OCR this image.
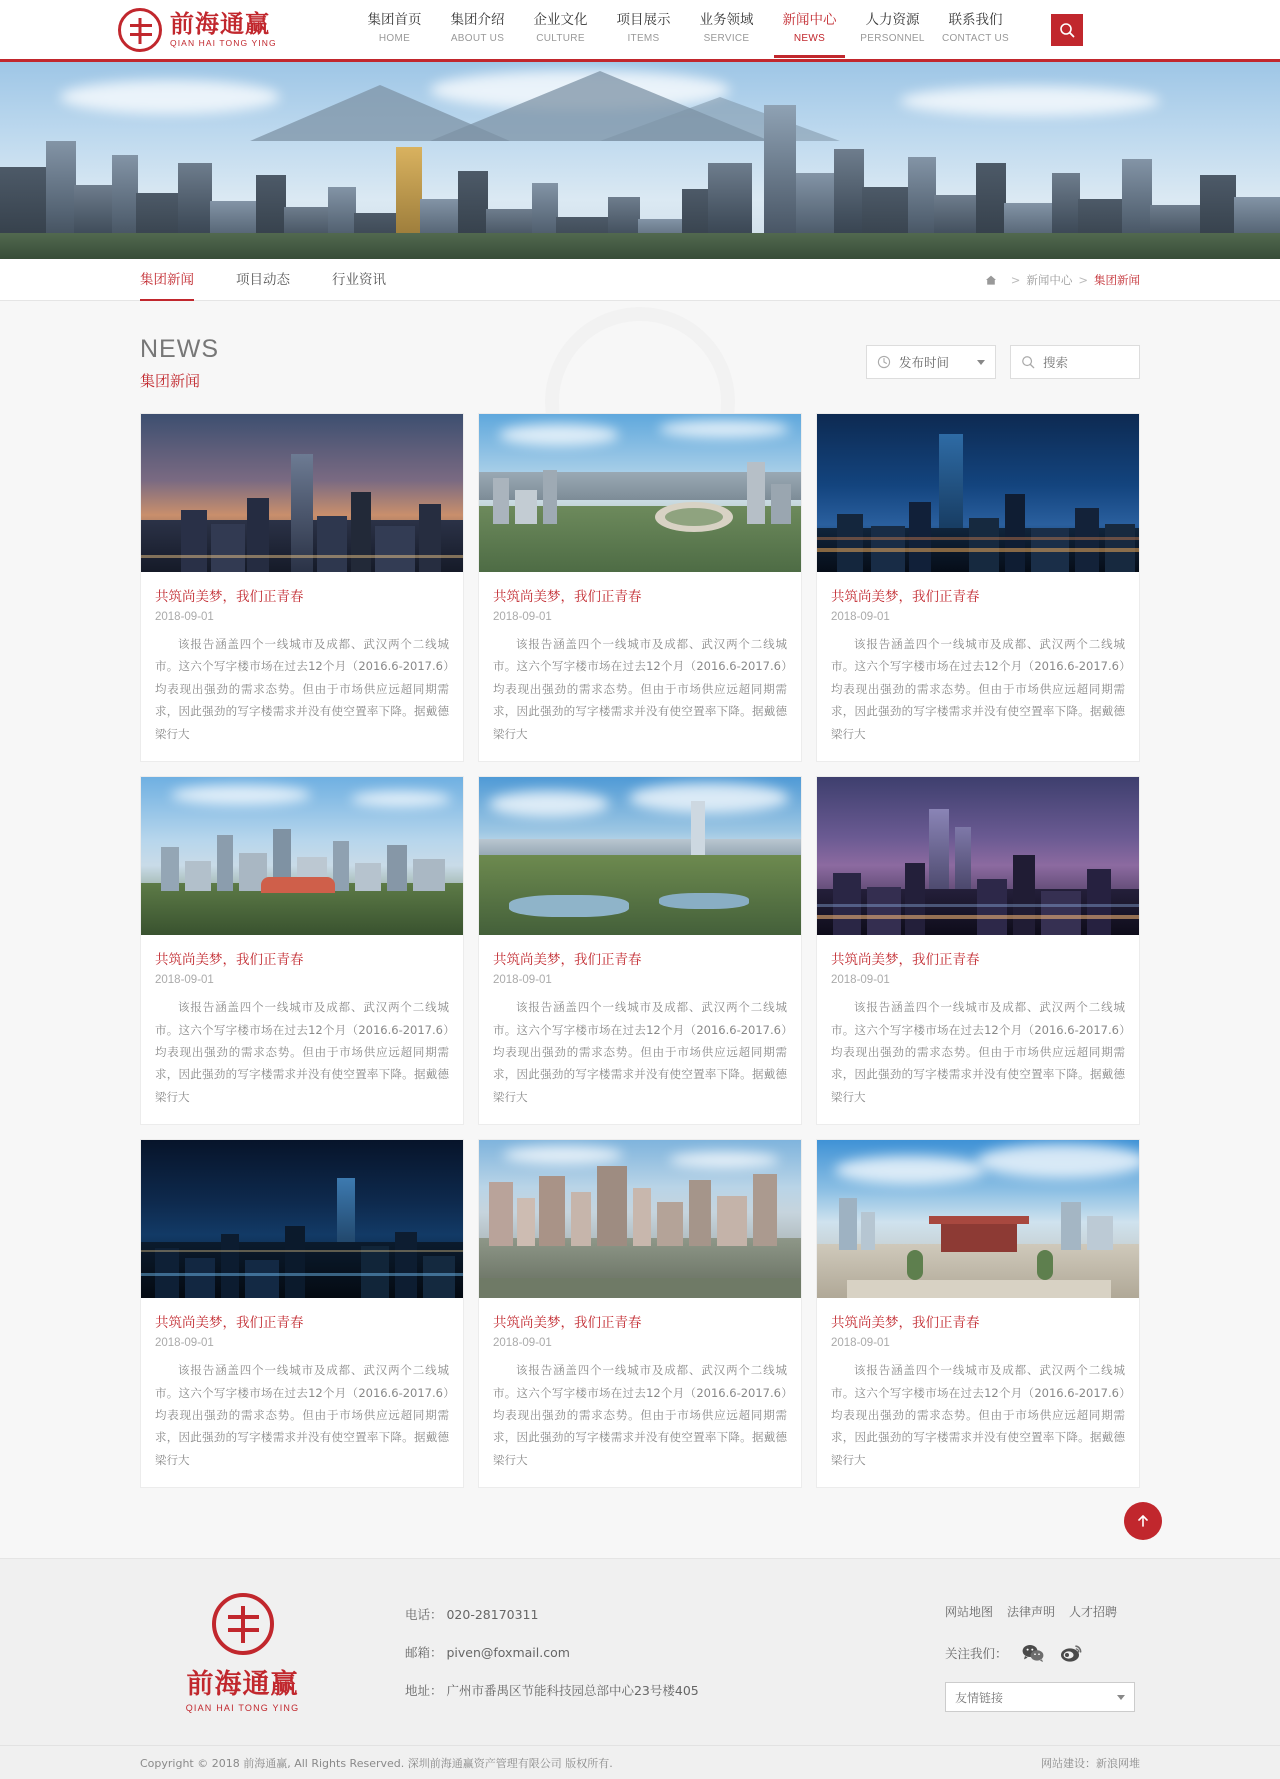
前海通赢
QIAN HAI TONG YING
集团首页
HOME
集团介绍
ABOUT US
企业文化
CULTURE
项目展示
ITEMS
业务领域
SERVICE
新闻中心
NEWS
人力资源
PERSONNEL
联系我们
CONTACT US
集团新闻	项目动态	行业资讯	> 新闻中心 > 集团新闻
NEWS
集团新闻
发布时间
搜索
共筑尚美梦，我们正青春
2018-09-01
该报告涵盖四个一线城市及成都、武汉两个二线城市。这六个写字楼市场在过去12个月（2016.6-2017.6）均表现出强劲的需求态势。但由于市场供应远超同期需求，因此强劲的写字楼需求并没有使空置率下降。据戴德梁行大
共筑尚美梦，我们正青春
2018-09-01
该报告涵盖四个一线城市及成都、武汉两个二线城市。这六个写字楼市场在过去12个月（2016.6-2017.6）均表现出强劲的需求态势。但由于市场供应远超同期需求，因此强劲的写字楼需求并没有使空置率下降。据戴德梁行大
共筑尚美梦，我们正青春
2018-09-01
该报告涵盖四个一线城市及成都、武汉两个二线城市。这六个写字楼市场在过去12个月（2016.6-2017.6）均表现出强劲的需求态势。但由于市场供应远超同期需求，因此强劲的写字楼需求并没有使空置率下降。据戴德梁行大
共筑尚美梦，我们正青春
2018-09-01
该报告涵盖四个一线城市及成都、武汉两个二线城市。这六个写字楼市场在过去12个月（2016.6-2017.6）均表现出强劲的需求态势。但由于市场供应远超同期需求，因此强劲的写字楼需求并没有使空置率下降。据戴德梁行大
共筑尚美梦，我们正青春
2018-09-01
该报告涵盖四个一线城市及成都、武汉两个二线城市。这六个写字楼市场在过去12个月（2016.6-2017.6）均表现出强劲的需求态势。但由于市场供应远超同期需求，因此强劲的写字楼需求并没有使空置率下降。据戴德梁行大
共筑尚美梦，我们正青春
2018-09-01
该报告涵盖四个一线城市及成都、武汉两个二线城市。这六个写字楼市场在过去12个月（2016.6-2017.6）均表现出强劲的需求态势。但由于市场供应远超同期需求，因此强劲的写字楼需求并没有使空置率下降。据戴德梁行大
共筑尚美梦，我们正青春
2018-09-01
该报告涵盖四个一线城市及成都、武汉两个二线城市。这六个写字楼市场在过去12个月（2016.6-2017.6）均表现出强劲的需求态势。但由于市场供应远超同期需求，因此强劲的写字楼需求并没有使空置率下降。据戴德梁行大
共筑尚美梦，我们正青春
2018-09-01
该报告涵盖四个一线城市及成都、武汉两个二线城市。这六个写字楼市场在过去12个月（2016.6-2017.6）均表现出强劲的需求态势。但由于市场供应远超同期需求，因此强劲的写字楼需求并没有使空置率下降。据戴德梁行大
共筑尚美梦，我们正青春
2018-09-01
该报告涵盖四个一线城市及成都、武汉两个二线城市。这六个写字楼市场在过去12个月（2016.6-2017.6）均表现出强劲的需求态势。但由于市场供应远超同期需求，因此强劲的写字楼需求并没有使空置率下降。据戴德梁行大
前海通赢
QIAN HAI TONG YING
电话： 020-28170311
邮箱： piven@foxmail.com
地址： 广州市番禺区节能科技园总部中心23号楼405
网站地图 法律声明 人才招聘
关注我们：
友情链接
Copyright © 2018 前海通赢, All Rights Reserved. 深圳前海通赢资产管理有限公司 版权所有.	网站建设：新浪网堆
